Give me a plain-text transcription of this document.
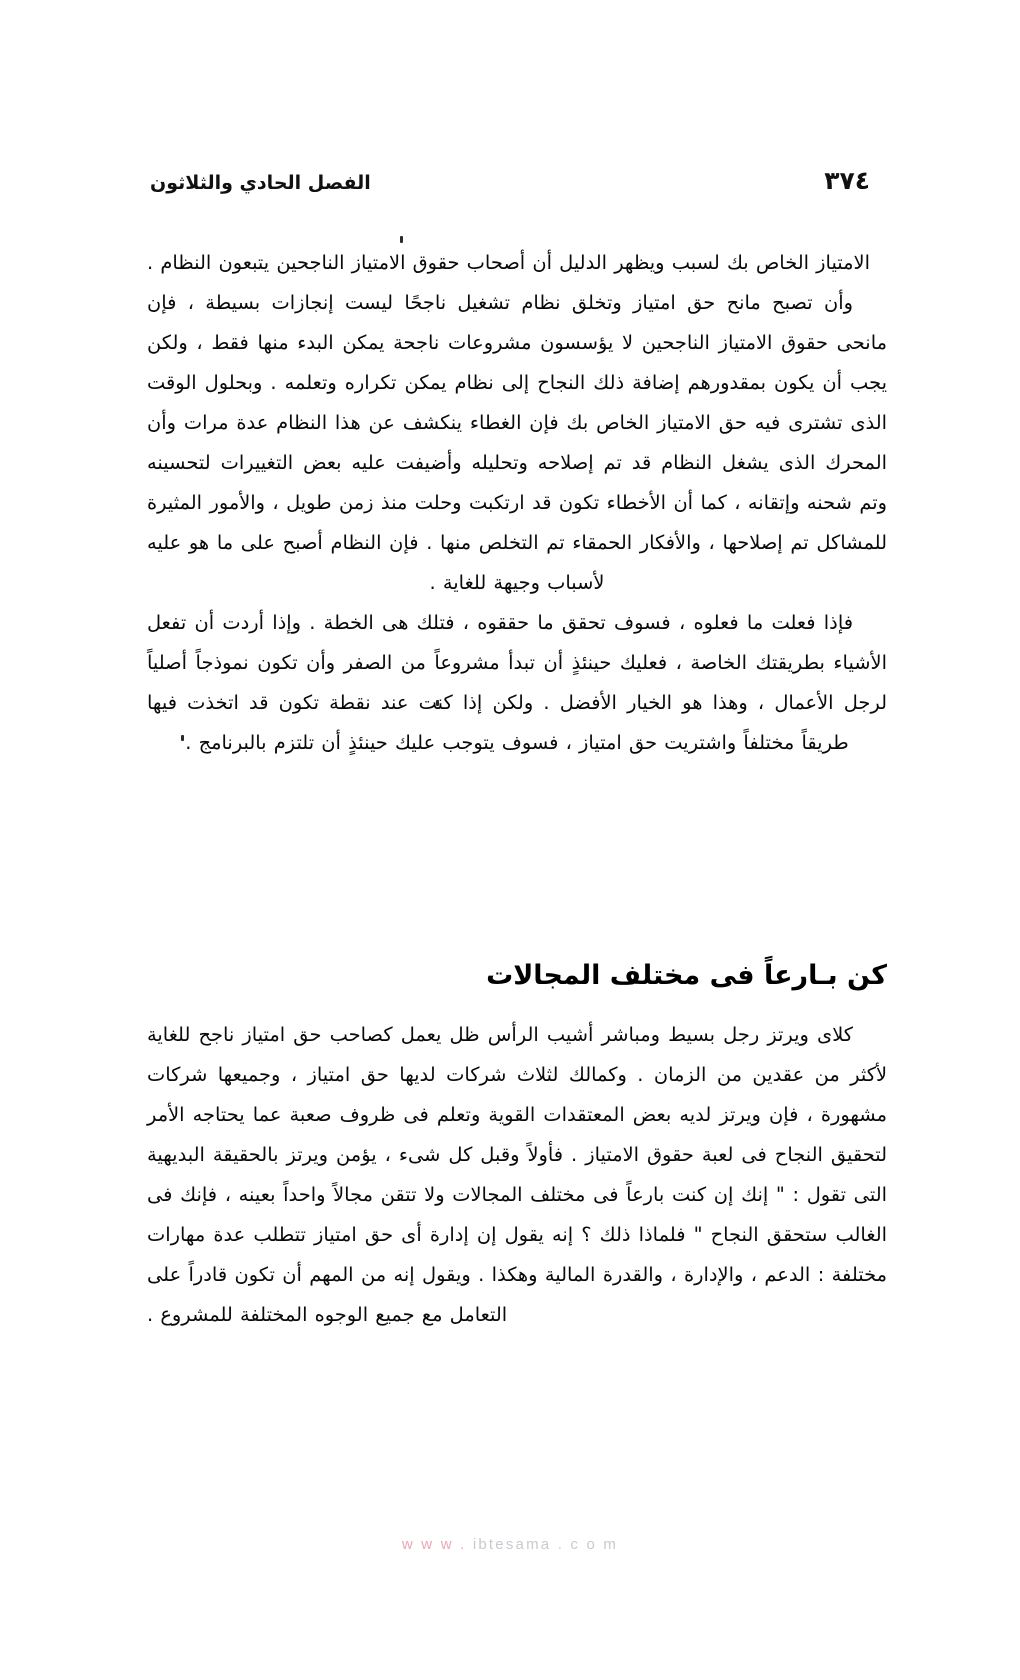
٣٧٤
الفصل الحادي والثلاثون

الامتياز الخاص بك لسبب ويظهر الدليل أن أصحاب حقوق الامتياز الناجحين يتبعون النظام .

وأن تصبح مانح حق امتياز وتخلق نظام تشغيل ناجحًا ليست إنجازات بسيطة ، فإن مانحى حقوق الامتياز الناجحين لا يؤسسون مشروعات ناجحة يمكن البدء منها فقط ، ولكن يجب أن يكون بمقدورهم إضافة ذلك النجاح إلى نظام يمكن تكراره وتعلمه . وبحلول الوقت الذى تشترى فيه حق الامتياز الخاص بك فإن الغطاء ينكشف عن هذا النظام عدة مرات وأن المحرك الذى يشغل النظام قد تم إصلاحه وتحليله وأضيفت عليه بعض التغييرات لتحسينه وتم شحنه وإتقانه ، كما أن الأخطاء تكون قد ارتكبت وحلت منذ زمن طويل ، والأمور المثيرة للمشاكل تم إصلاحها ، والأفكار الحمقاء تم التخلص منها . فإن النظام أصبح على ما هو عليه لأسباب وجيهة للغاية .

فإذا فعلت ما فعلوه ، فسوف تحقق ما حققوه ، فتلك هى الخطة . وإذا أردت أن تفعل الأشياء بطريقتك الخاصة ، فعليك حينئذٍ أن تبدأ مشروعاً من الصفر وأن تكون نموذجاً أصلياً لرجل الأعمال ، وهذا هو الخيار الأفضل . ولكن إذا كنت عند نقطة تكون قد اتخذت فيها طريقاً مختلفاً واشتريت حق امتياز ، فسوف يتوجب عليك حينئذٍ أن تلتزم بالبرنامج .

كن بـارعاً فى مختلف المجالات

كلاى ويرتز رجل بسيط ومباشر أشيب الرأس ظل يعمل كصاحب حق امتياز ناجح للغاية لأكثر من عقدين من الزمان . وكمالك لثلاث شركات لديها حق امتياز ، وجميعها شركات مشهورة ، فإن ويرتز لديه بعض المعتقدات القوية وتعلم فى ظروف صعبة عما يحتاجه الأمر لتحقيق النجاح فى لعبة حقوق الامتياز . فأولاً وقبل كل شىء ، يؤمن ويرتز بالحقيقة البديهية التى تقول : " إنك إن كنت بارعاً فى مختلف المجالات ولا تتقن مجالاً واحداً بعينه ، فإنك فى الغالب ستحقق النجاح " فلماذا ذلك ؟ إنه يقول إن إدارة أى حق امتياز تتطلب عدة مهارات مختلفة : الدعم ، والإدارة ، والقدرة المالية وهكذا . ويقول إنه من المهم أن تكون قادراً على التعامل مع جميع الوجوه المختلفة للمشروع .

w w w . ibtesama . c o m
